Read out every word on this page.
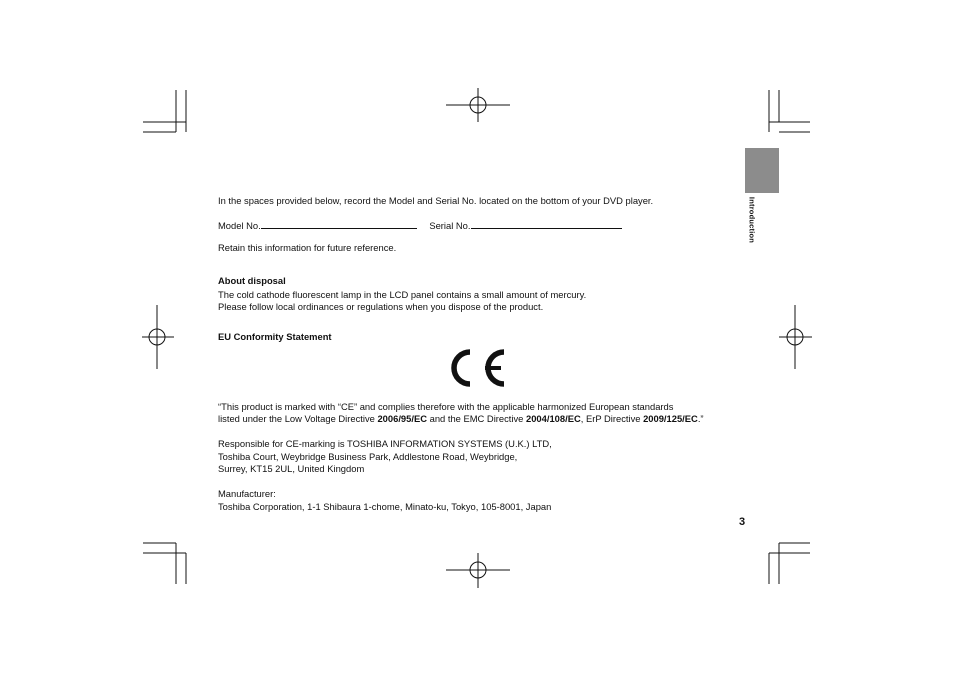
Introduction

In the spaces provided below, record the Model and Serial No. located on the bottom of your DVD player.

Model No.	Serial No.

Retain this information for future reference.

About disposal

The cold cathode fluorescent lamp in the LCD panel contains a small amount of mercury.

Please follow local ordinances or regulations when you dispose of the product.

EU Conformity Statement

“This product is marked with “CE” and complies therefore with the applicable harmonized European standards

listed under the Low Voltage Directive 2006/95/EC and the EMC Directive 2004/108/EC, ErP Directive 2009/125/EC.”

Responsible for CE-marking is TOSHIBA INFORMATION SYSTEMS (U.K.) LTD,

Toshiba Court, Weybridge Business Park, Addlestone Road, Weybridge,

Surrey, KT15 2UL, United Kingdom

Manufacturer:

Toshiba Corporation, 1-1 Shibaura 1-chome, Minato-ku, Tokyo, 105-8001, Japan

3
